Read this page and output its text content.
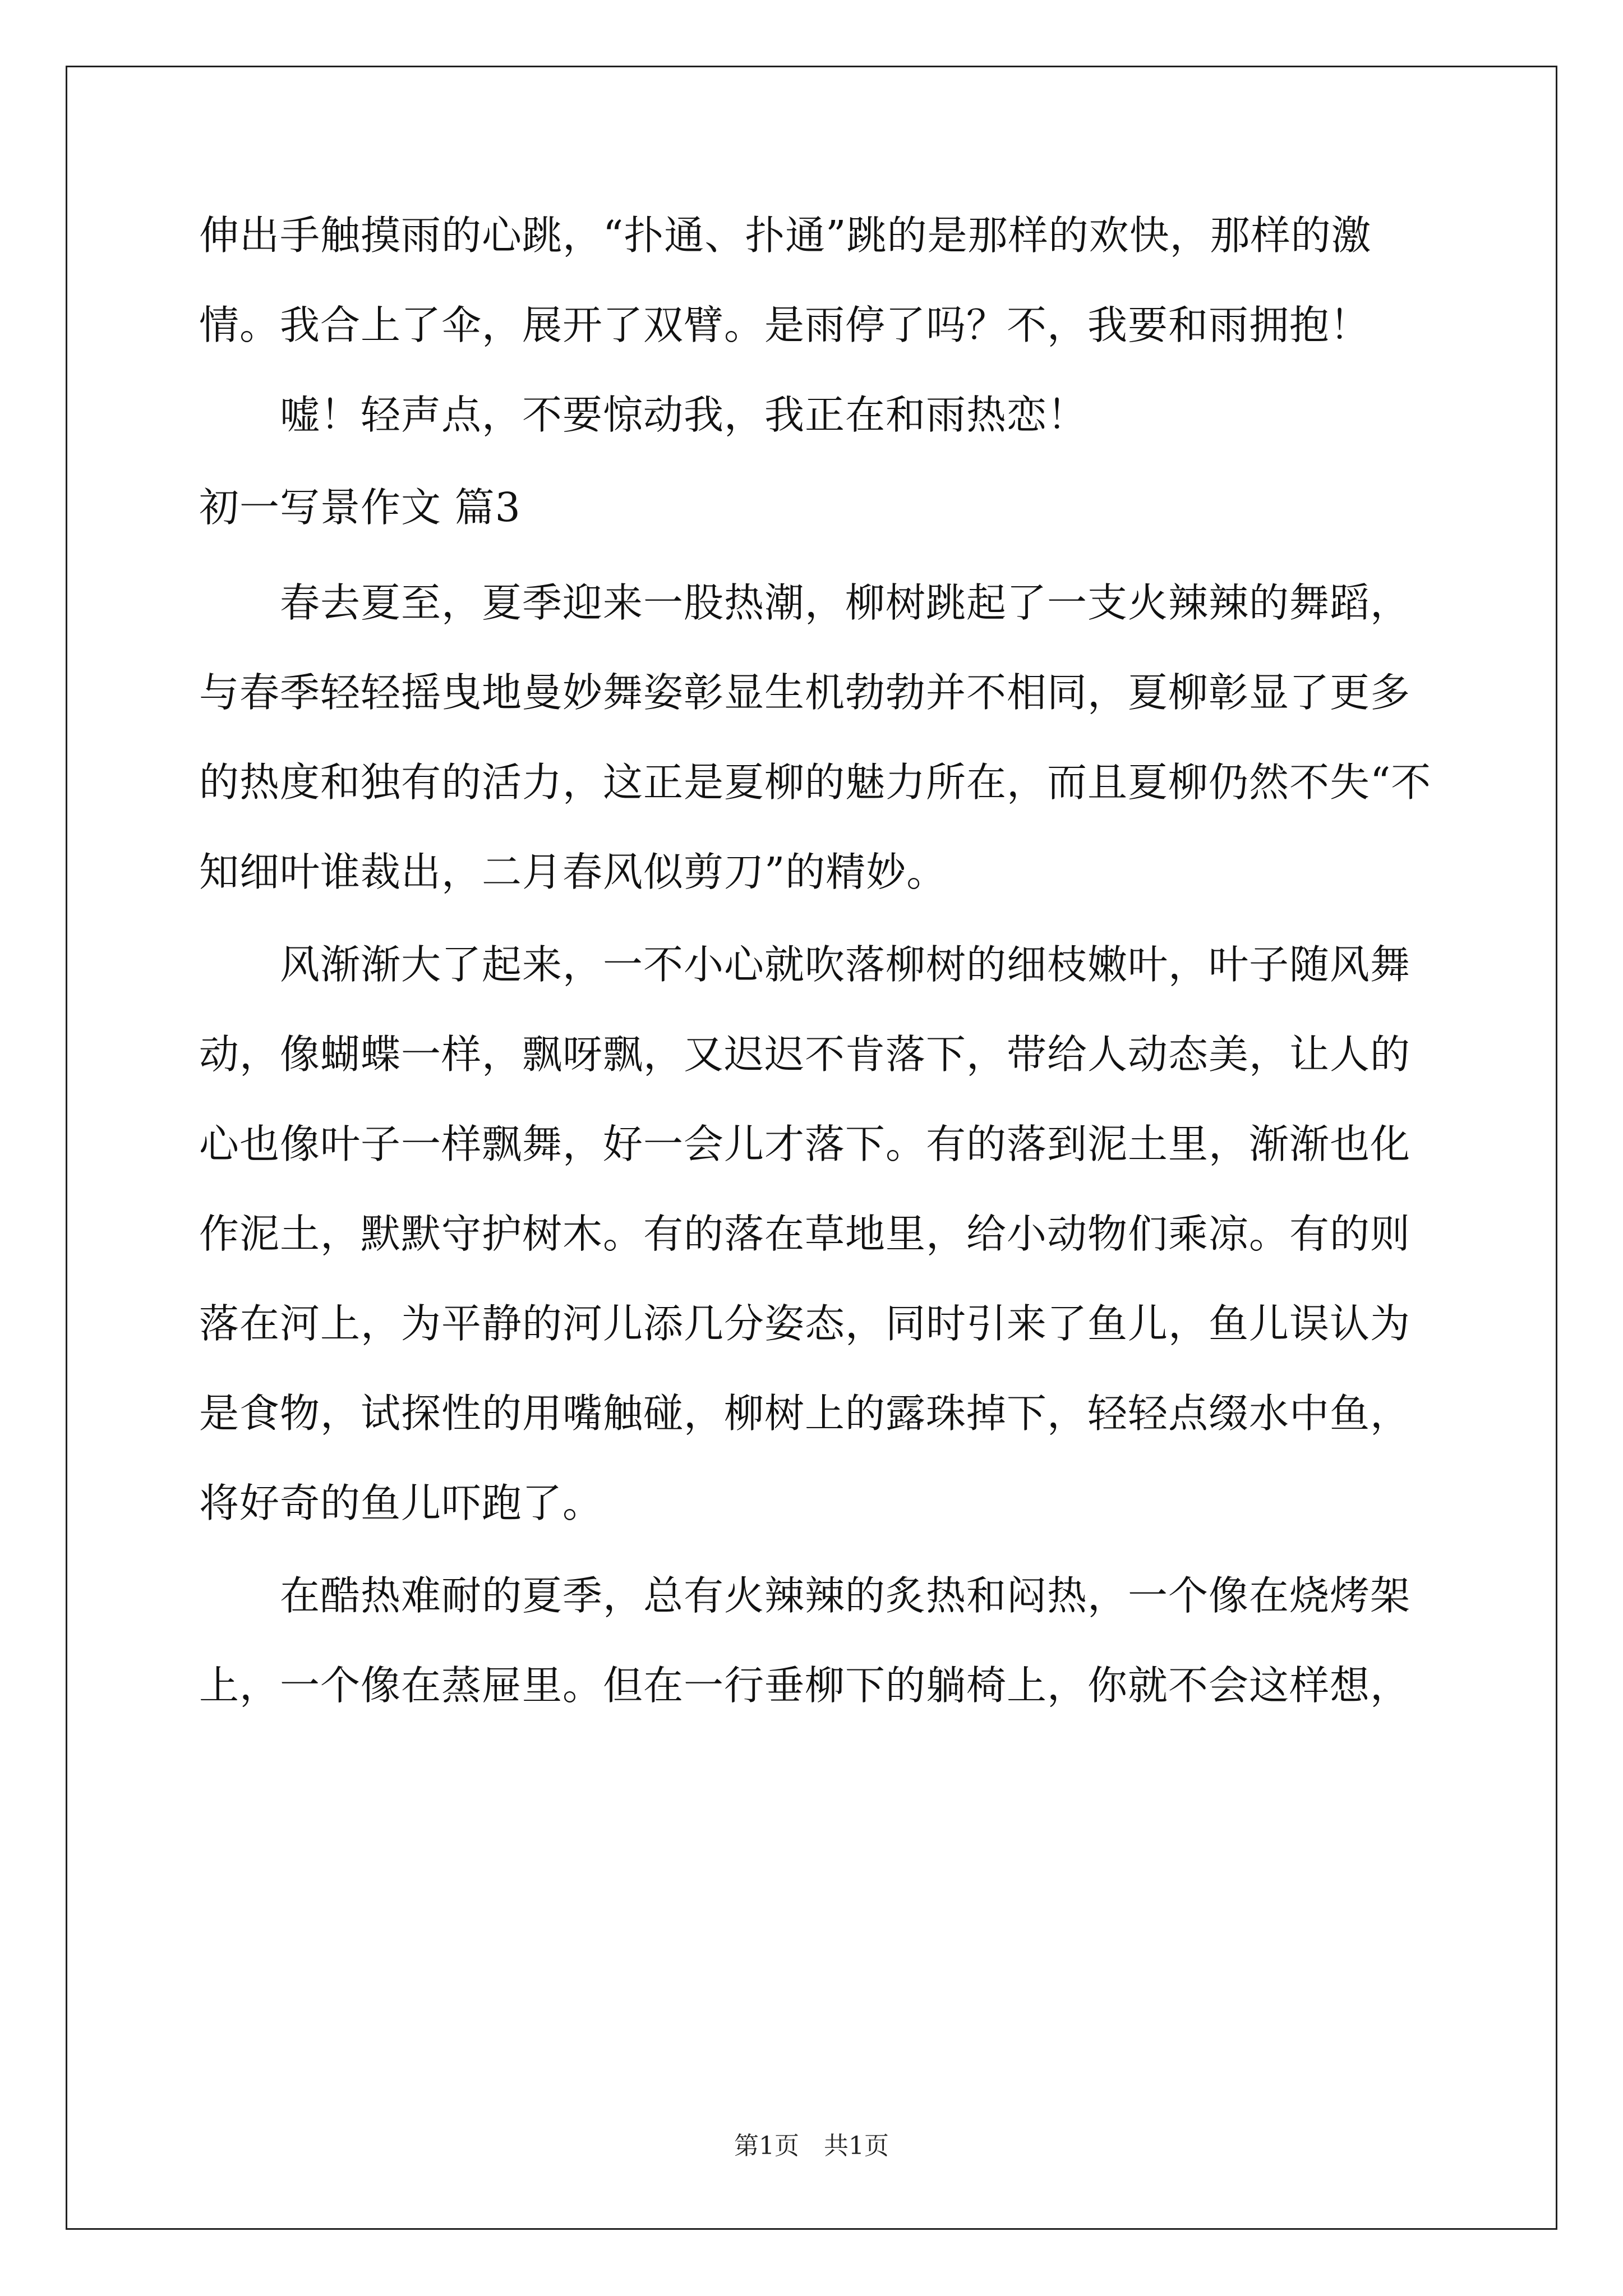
伸出手触摸雨的心跳，“扑通、扑通”跳的是那样的欢快，那样的激
情。我合上了伞，展开了双臂。是雨停了吗？不，我要和雨拥抱！
　　嘘！轻声点，不要惊动我，我正在和雨热恋！
初一写景作文 篇3
　　春去夏至，夏季迎来一股热潮，柳树跳起了一支火辣辣的舞蹈，
与春季轻轻摇曳地曼妙舞姿彰显生机勃勃并不相同，夏柳彰显了更多
的热度和独有的活力，这正是夏柳的魅力所在，而且夏柳仍然不失“不
知细叶谁裁出，二月春风似剪刀”的精妙。
　　风渐渐大了起来，一不小心就吹落柳树的细枝嫩叶，叶子随风舞
动，像蝴蝶一样，飘呀飘，又迟迟不肯落下，带给人动态美，让人的
心也像叶子一样飘舞，好一会儿才落下。有的落到泥土里，渐渐也化
作泥土，默默守护树木。有的落在草地里，给小动物们乘凉。有的则
落在河上，为平静的河儿添几分姿态，同时引来了鱼儿，鱼儿误认为
是食物，试探性的用嘴触碰，柳树上的露珠掉下，轻轻点缀水中鱼，
将好奇的鱼儿吓跑了。
　　在酷热难耐的夏季，总有火辣辣的炙热和闷热，一个像在烧烤架
上，一个像在蒸屉里。但在一行垂柳下的躺椅上，你就不会这样想，
第1页　共1页
